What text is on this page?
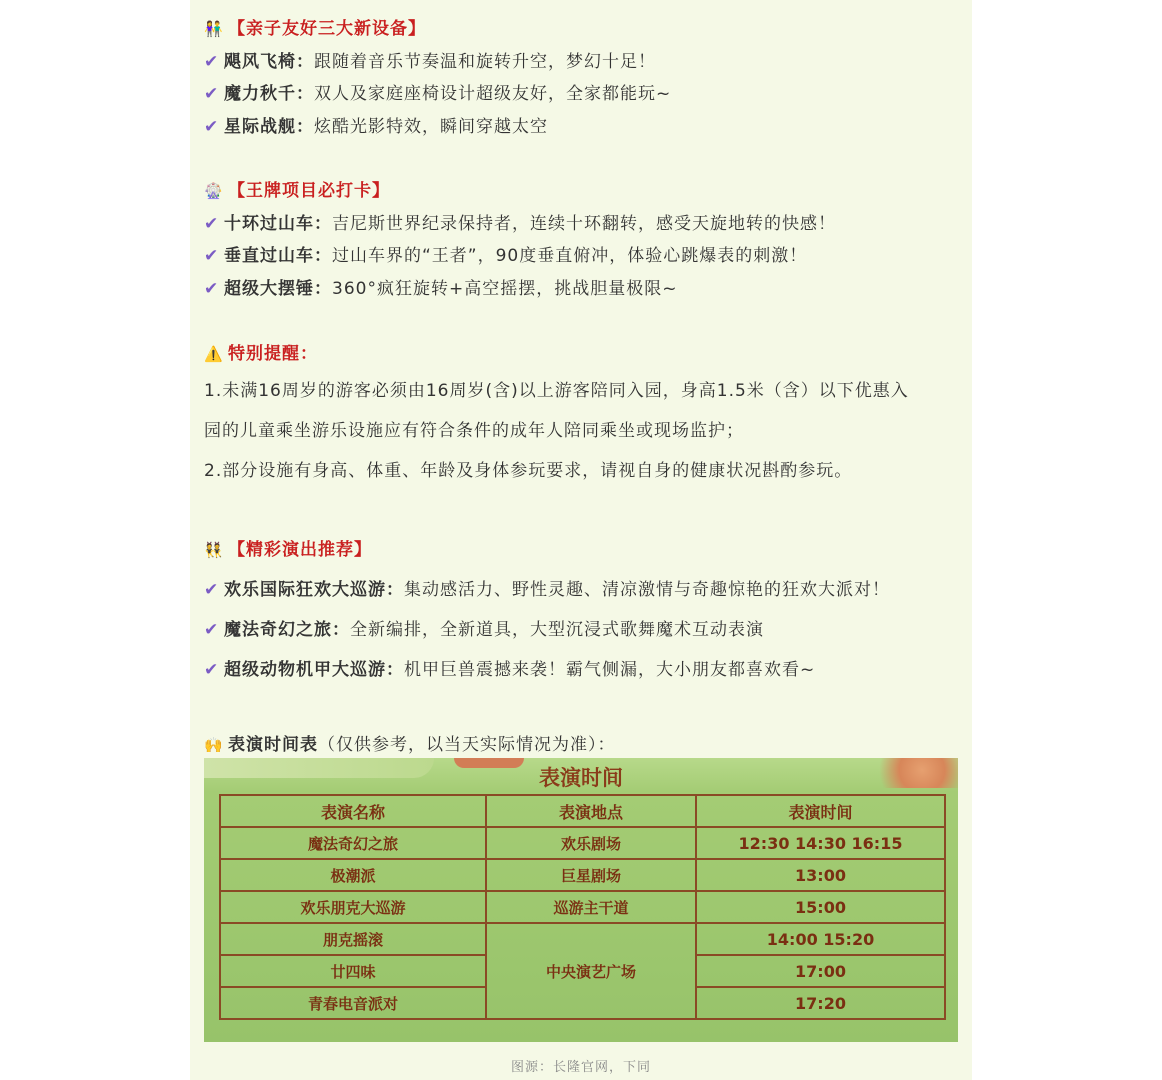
👫 【亲子友好三大新设备】
✔ 飓风飞椅：跟随着音乐节奏温和旋转升空，梦幻十足！
✔ 魔力秋千：双人及家庭座椅设计超级友好，全家都能玩~
✔ 星际战舰：炫酷光影特效，瞬间穿越太空
🎡 【王牌项目必打卡】
✔ 十环过山车：吉尼斯世界纪录保持者，连续十环翻转，感受天旋地转的快感！
✔ 垂直过山车：过山车界的“王者”，90度垂直俯冲，体验心跳爆表的刺激！
✔ 超级大摆锤：360°疯狂旋转+高空摇摆，挑战胆量极限~
⚠️ 特别提醒：
1.未满16周岁的游客必须由16周岁(含)以上游客陪同入园，身高1.5米（含）以下优惠入
园的儿童乘坐游乐设施应有符合条件的成年人陪同乘坐或现场监护；
2.部分设施有身高、体重、年龄及身体参玩要求，请视自身的健康状况斟酌参玩。
👯 【精彩演出推荐】
✔ 欢乐国际狂欢大巡游：集动感活力、野性灵趣、清凉激情与奇趣惊艳的狂欢大派对！
✔ 魔法奇幻之旅：全新编排，全新道具，大型沉浸式歌舞魔术互动表演
✔ 超级动物机甲大巡游：机甲巨兽震撼来袭！霸气侧漏，大小朋友都喜欢看~
🙌 表演时间表（仅供参考，以当天实际情况为准）：
表演时间
表演名称	表演地点	表演时间
魔法奇幻之旅	欢乐剧场	12:30 14:30 16:15
极潮派	巨星剧场	13:00
欢乐朋克大巡游	巡游主干道	15:00
朋克摇滚	中央演艺广场	14:00 15:20
廿四味		17:00
青春电音派对		17:20
图源：长隆官网，下同
